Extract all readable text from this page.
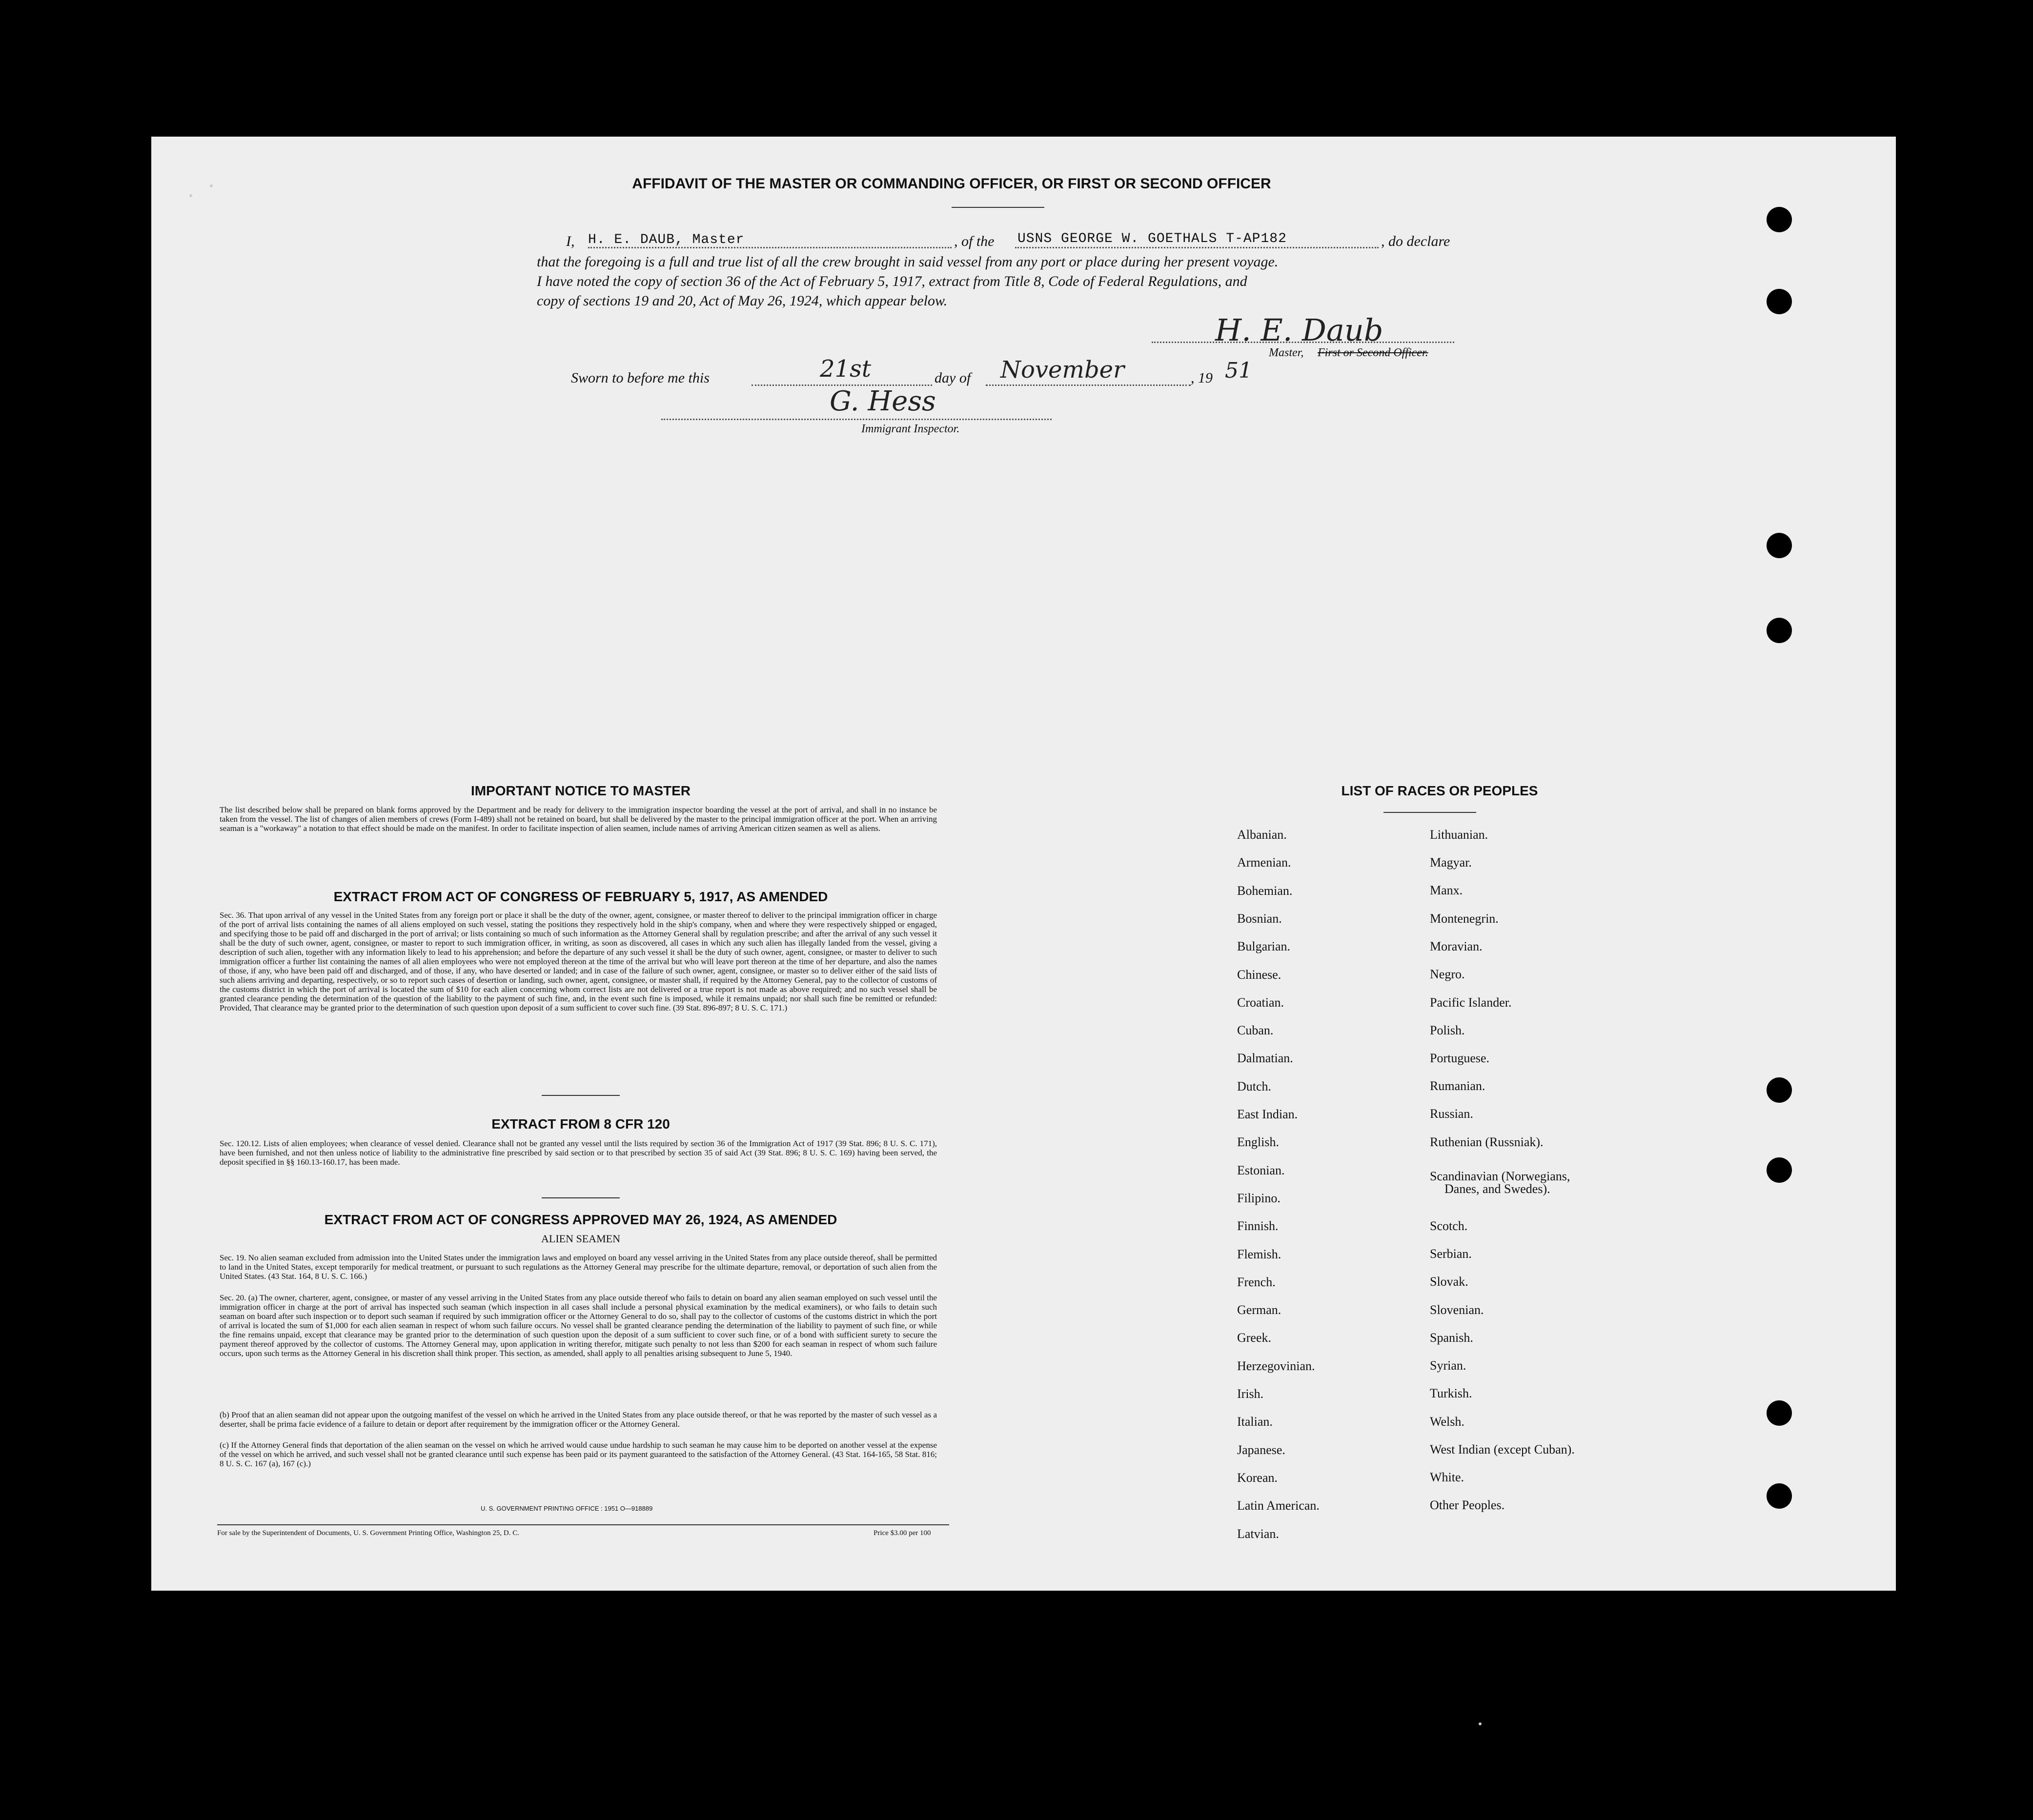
AFFIDAVIT OF THE MASTER OR COMMANDING OFFICER, OR FIRST OR SECOND OFFICER
I, H. E. DAUB, Master	, of the USNS GEORGE W. GOETHALS T-AP182	, do declare
that the foregoing is a full and true list of all the crew brought in said vessel from any port or place during her present voyage.
I have noted the copy of section 36 of the Act of February 5, 1917, extract from Title 8, Code of Federal Regulations, and
copy of sections 19 and 20, Act of May 26, 1924, which appear below.
H. E. Daub
Master, First or Second Officer.
Sworn to before me this	21st	day of November	, 19 51
G. Hess
Immigrant Inspector.
IMPORTANT NOTICE TO MASTER
The list described below shall be prepared on blank forms approved by the Department and be ready for delivery to the immigration inspector boarding the vessel at the port of arrival, and shall in no instance be taken from the vessel. The list of changes of alien members of crews (Form I-489) shall not be retained on board, but shall be delivered by the master to the principal immigration officer at the port. When an arriving seaman is a "workaway" a notation to that effect should be made on the manifest. In order to facilitate inspection of alien seamen, include names of arriving American citizen seamen as well as aliens.
EXTRACT FROM ACT OF CONGRESS OF FEBRUARY 5, 1917, AS AMENDED
Sec. 36. That upon arrival of any vessel in the United States from any foreign port or place it shall be the duty of the owner, agent, consignee, or master thereof to deliver to the principal immigration officer in charge of the port of arrival lists containing the names of all aliens employed on such vessel, stating the positions they respectively hold in the ship's company, when and where they were respectively shipped or engaged, and specifying those to be paid off and discharged in the port of arrival; or lists containing so much of such information as the Attorney General shall by regulation prescribe; and after the arrival of any such vessel it shall be the duty of such owner, agent, consignee, or master to report to such immigration officer, in writing, as soon as discovered, all cases in which any such alien has illegally landed from the vessel, giving a description of such alien, together with any information likely to lead to his apprehension; and before the departure of any such vessel it shall be the duty of such owner, agent, consignee, or master to deliver to such immigration officer a further list containing the names of all alien employees who were not employed thereon at the time of the arrival but who will leave port thereon at the time of her departure, and also the names of those, if any, who have been paid off and discharged, and of those, if any, who have deserted or landed; and in case of the failure of such owner, agent, consignee, or master so to deliver either of the said lists of such aliens arriving and departing, respectively, or so to report such cases of desertion or landing, such owner, agent, consignee, or master shall, if required by the Attorney General, pay to the collector of customs of the customs district in which the port of arrival is located the sum of $10 for each alien concerning whom correct lists are not delivered or a true report is not made as above required; and no such vessel shall be granted clearance pending the determination of the question of the liability to the payment of such fine, and, in the event such fine is imposed, while it remains unpaid; nor shall such fine be remitted or refunded: Provided, That clearance may be granted prior to the determination of such question upon deposit of a sum sufficient to cover such fine. (39 Stat. 896-897; 8 U. S. C. 171.)
EXTRACT FROM 8 CFR 120
Sec. 120.12. Lists of alien employees; when clearance of vessel denied. Clearance shall not be granted any vessel until the lists required by section 36 of the Immigration Act of 1917 (39 Stat. 896; 8 U. S. C. 171), have been furnished, and not then unless notice of liability to the administrative fine prescribed by said section or to that prescribed by section 35 of said Act (39 Stat. 896; 8 U. S. C. 169) having been served, the deposit specified in §§ 160.13-160.17, has been made.
EXTRACT FROM ACT OF CONGRESS APPROVED MAY 26, 1924, AS AMENDED
ALIEN SEAMEN
Sec. 19. No alien seaman excluded from admission into the United States under the immigration laws and employed on board any vessel arriving in the United States from any place outside thereof, shall be permitted to land in the United States, except temporarily for medical treatment, or pursuant to such regulations as the Attorney General may prescribe for the ultimate departure, removal, or deportation of such alien from the United States. (43 Stat. 164, 8 U. S. C. 166.)
Sec. 20. (a) The owner, charterer, agent, consignee, or master of any vessel arriving in the United States from any place outside thereof who fails to detain on board any alien seaman employed on such vessel until the immigration officer in charge at the port of arrival has inspected such seaman (which inspection in all cases shall include a personal physical examination by the medical examiners), or who fails to detain such seaman on board after such inspection or to deport such seaman if required by such immigration officer or the Attorney General to do so, shall pay to the collector of customs of the customs district in which the port of arrival is located the sum of $1,000 for each alien seaman in respect of whom such failure occurs. No vessel shall be granted clearance pending the determination of the liability to payment of such fine, or while the fine remains unpaid, except that clearance may be granted prior to the determination of such question upon the deposit of a sum sufficient to cover such fine, or of a bond with sufficient surety to secure the payment thereof approved by the collector of customs. The Attorney General may, upon application in writing therefor, mitigate such penalty to not less than $200 for each seaman in respect of whom such failure occurs, upon such terms as the Attorney General in his discretion shall think proper. This section, as amended, shall apply to all penalties arising subsequent to June 5, 1940.
(b) Proof that an alien seaman did not appear upon the outgoing manifest of the vessel on which he arrived in the United States from any place outside thereof, or that he was reported by the master of such vessel as a deserter, shall be prima facie evidence of a failure to detain or deport after requirement by the immigration officer or the Attorney General.
(c) If the Attorney General finds that deportation of the alien seaman on the vessel on which he arrived would cause undue hardship to such seaman he may cause him to be deported on another vessel at the expense of the vessel on which he arrived, and such vessel shall not be granted clearance until such expense has been paid or its payment guaranteed to the satisfaction of the Attorney General. (43 Stat. 164-165, 58 Stat. 816; 8 U. S. C. 167 (a), 167 (c).)
U. S. GOVERNMENT PRINTING OFFICE : 1951 O—918889
For sale by the Superintendent of Documents, U. S. Government Printing Office, Washington 25, D. C.	Price $3.00 per 100
LIST OF RACES OR PEOPLES
Albanian.
Armenian.
Bohemian.
Bosnian.
Bulgarian.
Chinese.
Croatian.
Cuban.
Dalmatian.
Dutch.
East Indian.
English.
Estonian.
Filipino.
Finnish.
Flemish.
French.
German.
Greek.
Herzegovinian.
Irish.
Italian.
Japanese.
Korean.
Latin American.
Latvian.
Lithuanian.
Magyar.
Manx.
Montenegrin.
Moravian.
Negro.
Pacific Islander.
Polish.
Portuguese.
Rumanian.
Russian.
Ruthenian (Russniak).
Scandinavian (Norwegians,
Danes, and Swedes).
Scotch.
Serbian.
Slovak.
Slovenian.
Spanish.
Syrian.
Turkish.
Welsh.
West Indian (except Cuban).
White.
Other Peoples.
